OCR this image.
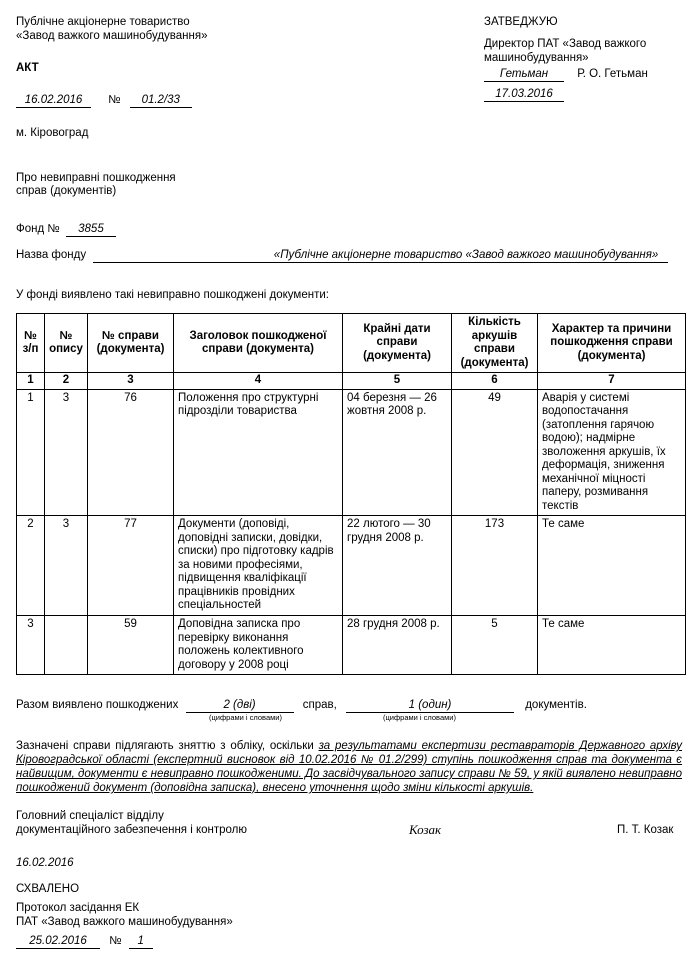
Публічне акціонерне товариство
«Завод важкого машинобудування»
АКТ
16.02.2016 № 01.2/33
м. Кіровоград
ЗАТВЕДЖУЮ
Директор ПАТ «Завод важкого
машинобудування»
Гетьман	Р. О. Гетьман
17.03.2016
Про невиправні пошкодження
справ (документів)
Фонд № 3855
Назва фонду	«Публічне акціонерне товариство «Завод важкого машинобудування»
У фонді виявлено такі невиправно пошкоджені документи:
№ з/п	№ опису	№ справи (документа)	Заголовок пошкодженої справи (документа)	Крайні дати справи (документа)	Кількість аркушів справи (документа)	Характер та причини пошкодження справи (документа)
1	2	3	4	5	6	7
1	3	76	Положення про структурні підрозділи товариства	04 березня — 26 жовтня 2008 р.	49	Аварія у системі водопостачання (затоплення гарячою водою); надмірне зволоження аркушів, їх деформація, зниження механічної міцності паперу, розмивання текстів
2	3	77	Документи (доповіді, доповідні записки, довідки, списки) про підготовку кадрів за новими професіями, підвищення кваліфікації працівників провідних спеціальностей	22 лютого — 30 грудня 2008 р.	173	Те саме
3		59	Доповідна записка про перевірку виконання положень колективного договору у 2008 році	28 грудня 2008 р.	5	Те саме
Разом виявлено пошкоджених	2 (дві)	справ,	1 (один)	документів.
(цифрами і словами)	(цифрами і словами)
Зазначені справи підлягають зняттю з обліку, оскільки за результатами експертизи реставраторів Державного архіву Кіровоградської області (експертний висновок від 10.02.2016 № 01.2/299) ступінь пошкодження справ та документа є найвищим, документи є невиправно пошкодженими. До засвідчувального запису справи № 59, у якій виявлено невиправно пошкоджений документ (доповідна записка), внесено уточнення щодо зміни кількості аркушів.
Головний спеціаліст відділу
документаційного забезпечення і контролю	Козак	П. Т. Козак
16.02.2016
СХВАЛЕНО
Протокол засідання ЕК
ПАТ «Завод важкого машинобудування»
25.02.2016 № 1
